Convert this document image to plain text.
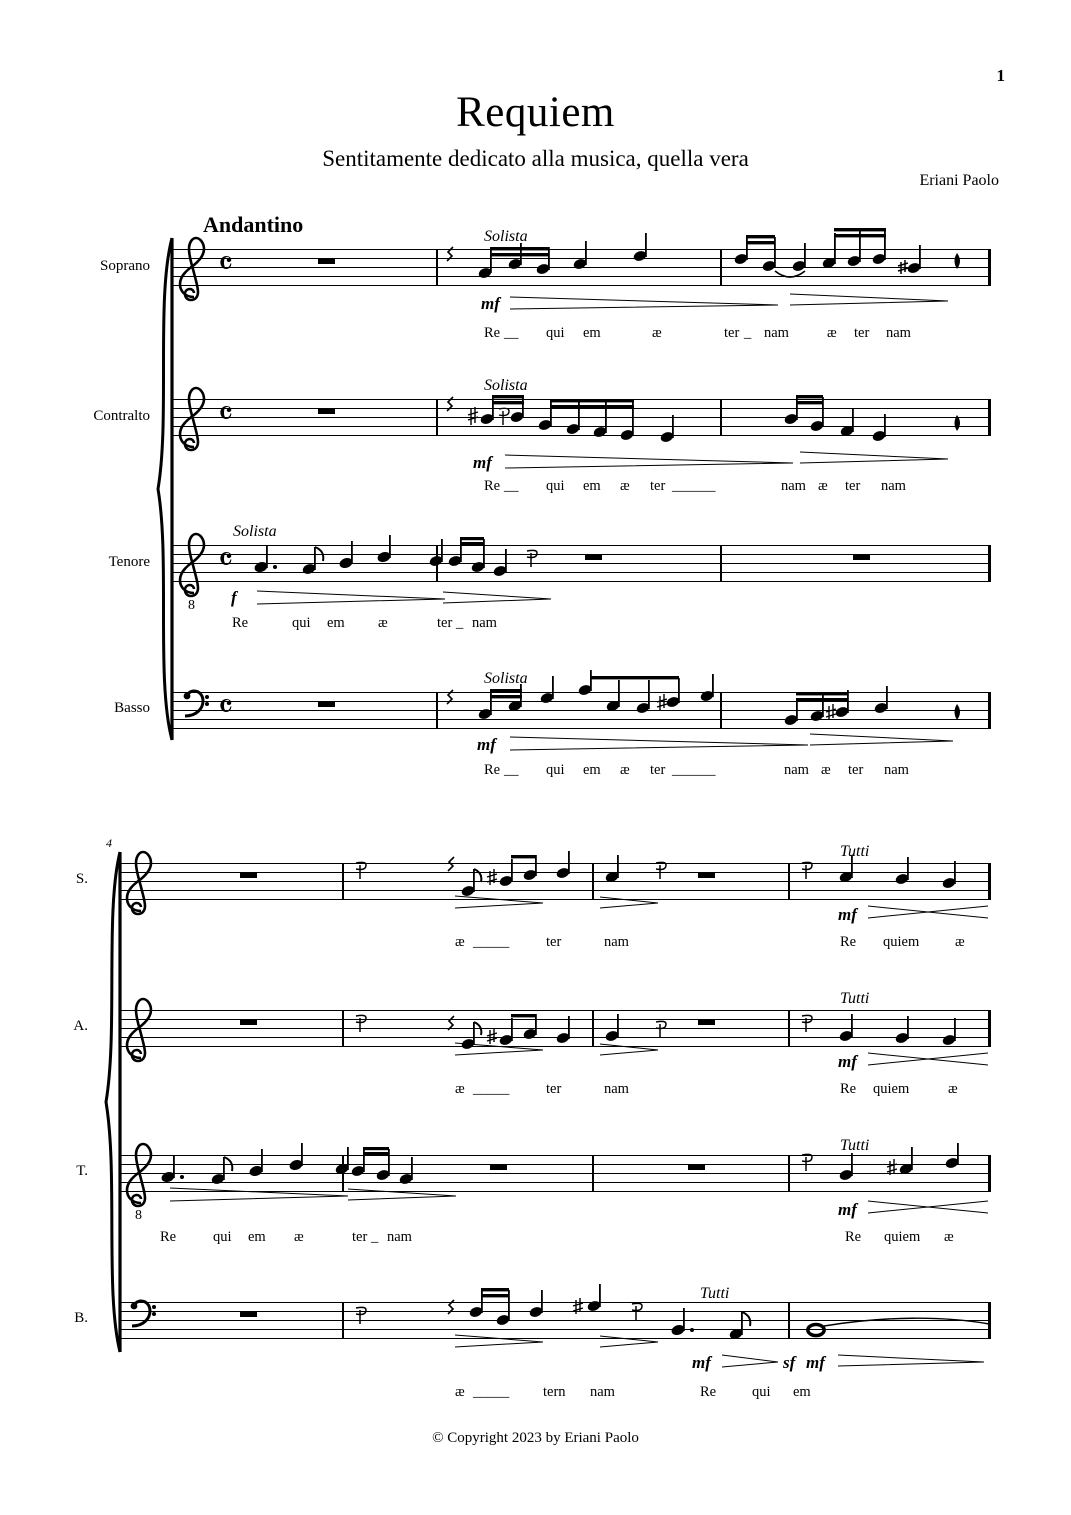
1
Requiem
Sentitamente dedicato alla musica, quella vera
Eriani Paolo
Andantino
Soprano 𝄴
Solista
mf
Re __ qui em	æ	ter _ nam	æ ter nam
Contralto 𝄴
Solista
mf
Re __ qui em æ ter ______	nam æ ter nam
Tenore
8
𝄴
Solista
f
Re	qui em æ	ter _ nam
Basso 𝄴
Solista
mf
Re __ qui em æ ter ______	nam æ ter nam
4
S.
Tutti
mf
æ _____	ter	nam	Re quiem æ
A.
Tutti
mf
æ _____	ter	nam	Re quiem	æ
T.
8
Tutti
mf
Re	qui em æ	ter _ nam	Re quiem æ
B.
Tutti
mf	sf mf
æ _____ tern nam	Re qui em
© Copyright 2023 by Eriani Paolo
